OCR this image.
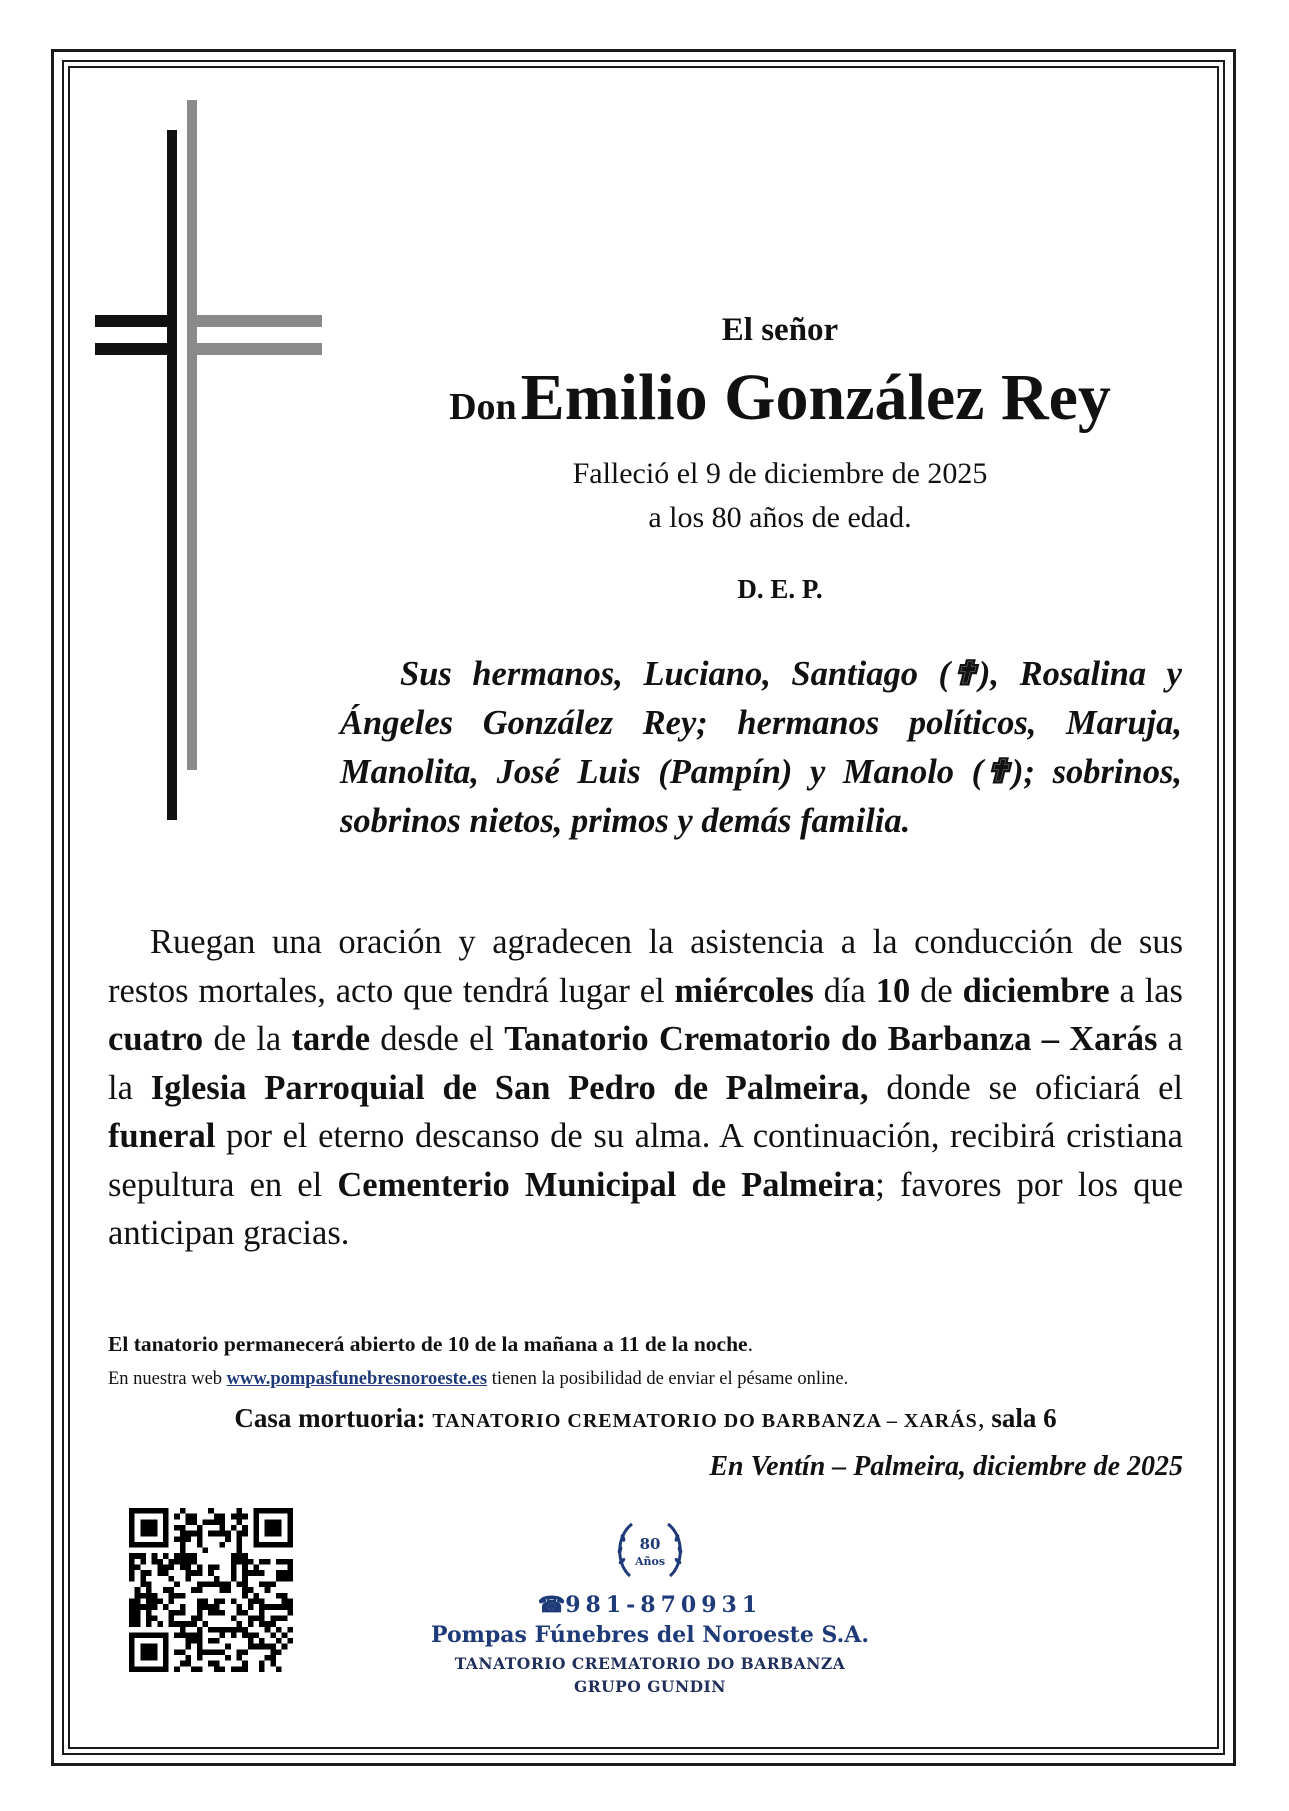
El señor
Don Emilio González Rey
Falleció el 9 de diciembre de 2025
a los 80 años de edad.
D. E. P.
Sus hermanos, Luciano, Santiago (✟), Rosalina y Ángeles González Rey; hermanos políticos, Maruja, Manolita, José Luis (Pampín) y Manolo (✟); sobrinos, sobrinos nietos, primos y demás familia.
Ruegan una oración y agradecen la asistencia a la conducción de sus restos mortales, acto que tendrá lugar el miércoles día 10 de diciembre a las cuatro de la tarde desde el Tanatorio Crematorio do Barbanza – Xarás a la Iglesia Parroquial de San Pedro de Palmeira, donde se oficiará el funeral por el eterno descanso de su alma. A continuación, recibirá cristiana sepultura en el Cementerio Municipal de Palmeira; favores por los que anticipan gracias.
El tanatorio permanecerá abierto de 10 de la mañana a 11 de la noche.
En nuestra web www.pompasfunebresnoroeste.es tienen la posibilidad de enviar el pésame online.
Casa mortuoria: TANATORIO CREMATORIO DO BARBANZA – XARÁS, sala 6
En Ventín – Palmeira, diciembre de 2025
80
Años
☎981-870931
Pompas Fúnebres del Noroeste S.A.
TANATORIO CREMATORIO DO BARBANZA
GRUPO GUNDIN
